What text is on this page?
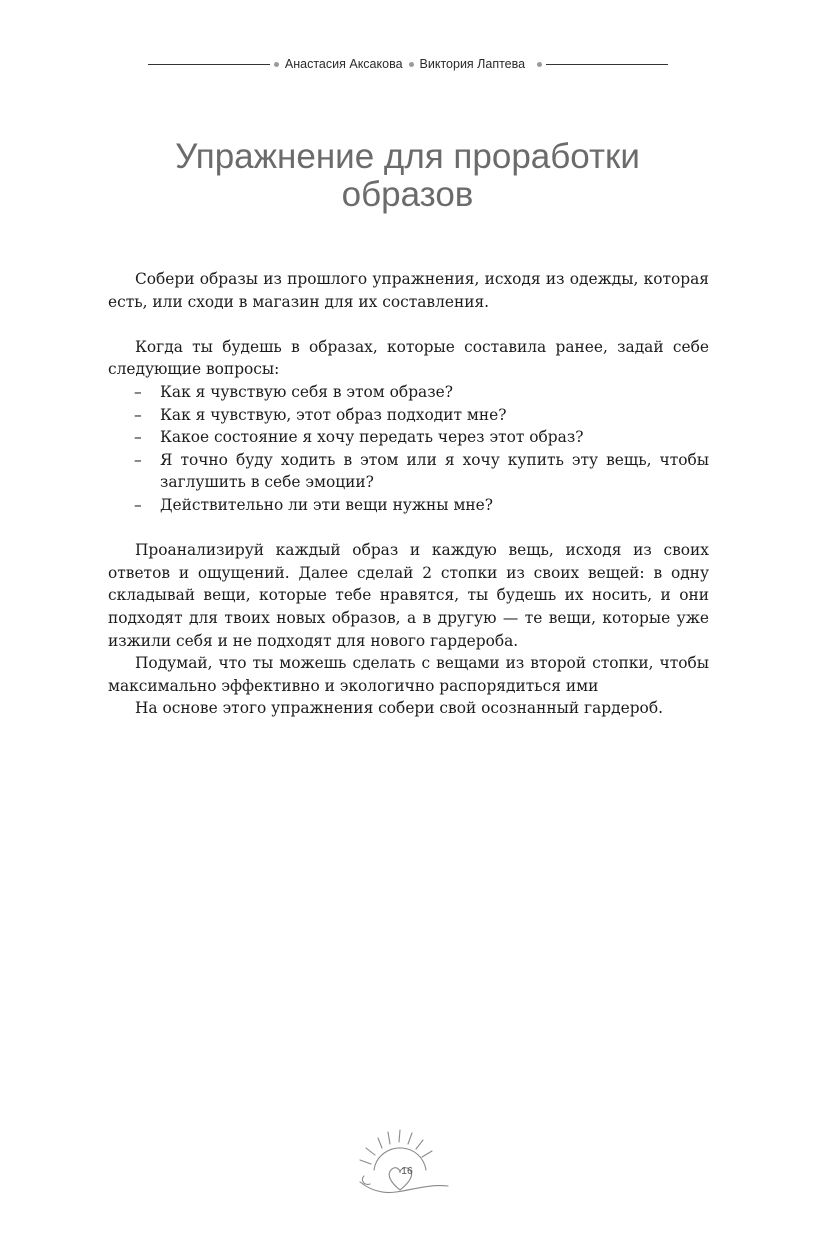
Анастасия Аксакова Виктория Лаптева
Упражнение для проработки
образов

Собери образы из прошлого упражнения, исходя из одежды, которая есть, или сходи в магазин для их составления.

Когда ты будешь в образах, которые составила ранее, задай себе следующие вопросы:

– Как я чувствую себя в этом образе?
– Как я чувствую, этот образ подходит мне?
– Какое состояние я хочу передать через этот образ?
– Я точно буду ходить в этом или я хочу купить эту вещь, чтобы заглушить в себе эмоции?
– Действительно ли эти вещи нужны мне?

Проанализируй каждый образ и каждую вещь, исходя из своих ответов и ощущений. Далее сделай 2 стопки из своих вещей: в одну складывай вещи, которые тебе нравятся, ты будешь их носить, и они подходят для твоих новых образов, а в другую — те вещи, которые уже изжили себя и не подходят для нового гардероба.

Подумай, что ты можешь сделать с вещами из второй стопки, чтобы максимально эффективно и экологично распорядиться ими

На основе этого упражнения собери свой осознанный гардероб.

16
